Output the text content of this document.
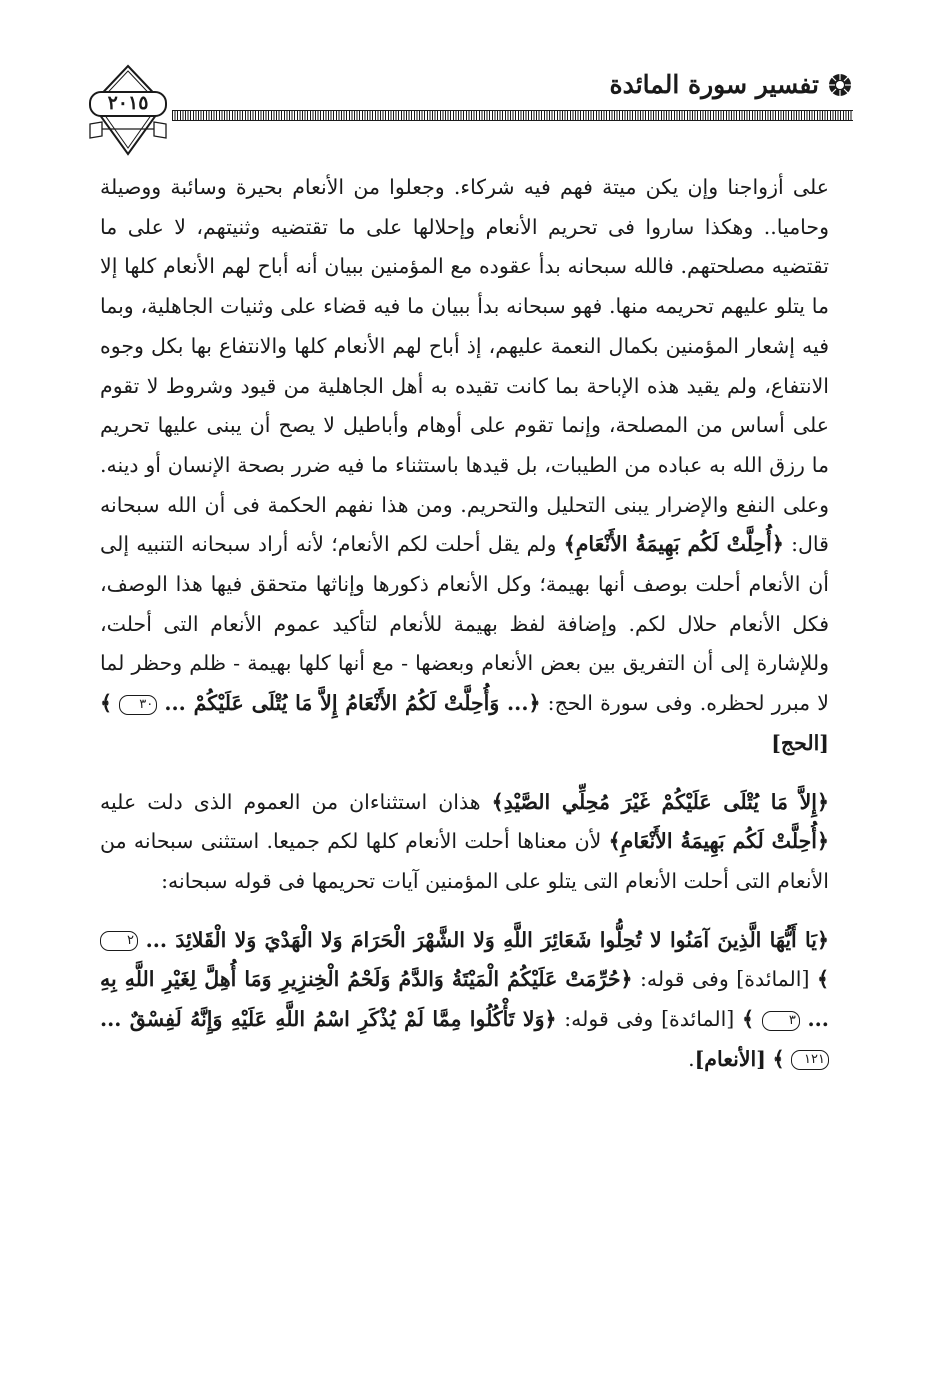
تفسير سورة المائدة
٢٠١٥

على أزواجنا وإن يكن ميتة فهم فيه شركاء. وجعلوا من الأنعام بحيرة وسائبة ووصيلة وحاميا.. وهكذا ساروا فى تحريم الأنعام وإحلالها على ما تقتضيه وثنيتهم، لا على ما تقتضيه مصلحتهم. فالله سبحانه بدأ عقوده مع المؤمنين ببيان أنه أباح لهم الأنعام كلها إلا ما يتلو عليهم تحريمه منها. فهو سبحانه بدأ ببيان ما فيه قضاء على وثنيات الجاهلية، وبما فيه إشعار المؤمنين بكمال النعمة عليهم، إذ أباح لهم الأنعام كلها والانتفاع بها بكل وجوه الانتفاع، ولم يقيد هذه الإباحة بما كانت تقيده به أهل الجاهلية من قيود وشروط لا تقوم على أساس من المصلحة، وإنما تقوم على أوهام وأباطيل لا يصح أن يبنى عليها تحريم ما رزق الله به عباده من الطيبات، بل قيدها باستثناء ما فيه ضرر بصحة الإنسان أو دينه. وعلى النفع والإضرار يبنى التحليل والتحريم. ومن هذا نفهم الحكمة فى أن الله سبحانه قال: ﴿أُحِلَّتْ لَكُم بَهِيمَةُ الأَنْعَامِ﴾ ولم يقل أحلت لكم الأنعام؛ لأنه أراد سبحانه التنبيه إلى أن الأنعام أحلت بوصف أنها بهيمة؛ وكل الأنعام ذكورها وإناثها متحقق فيها هذا الوصف، فكل الأنعام حلال لكم. وإضافة لفظ بهيمة للأنعام لتأكيد عموم الأنعام التى أحلت، وللإشارة إلى أن التفريق بين بعض الأنعام وبعضها - مع أنها كلها بهيمة - ظلم وحظر لما لا مبرر لحظره. وفى سورة الحج: ﴿... وَأُحِلَّتْ لَكُمُ الأَنْعَامُ إِلاَّ مَا يُتْلَى عَلَيْكُمْ ... ٣٠ ﴾ [الحج]

﴿إِلاَّ مَا يُتْلَى عَلَيْكُمْ غَيْرَ مُحِلِّي الصَّيْدِ﴾ هذان استثناءان من العموم الذى دلت عليه ﴿أُحِلَّتْ لَكُم بَهِيمَةُ الأَنْعَامِ﴾ لأن معناها أحلت الأنعام كلها لكم جميعا. استثنى سبحانه من الأنعام التى أحلت الأنعام التى يتلو على المؤمنين آيات تحريمها فى قوله سبحانه:

﴿يَا أَيُّهَا الَّذِينَ آمَنُوا لا تُحِلُّوا شَعَائِرَ اللَّهِ وَلا الشَّهْرَ الْحَرَامَ وَلا الْهَدْيَ وَلا الْقَلائِدَ ... ٢ ﴾ [المائدة] وفى قوله: ﴿حُرِّمَتْ عَلَيْكُمُ الْمَيْتَةُ وَالدَّمُ وَلَحْمُ الْخِنزِيرِ وَمَا أُهِلَّ لِغَيْرِ اللَّهِ بِهِ ... ٣ ﴾ [المائدة] وفى قوله: ﴿وَلا تَأْكُلُوا مِمَّا لَمْ يُذْكَرِ اسْمُ اللَّهِ عَلَيْهِ وَإِنَّهُ لَفِسْقٌ ... ١٢١ ﴾ [الأنعام].
